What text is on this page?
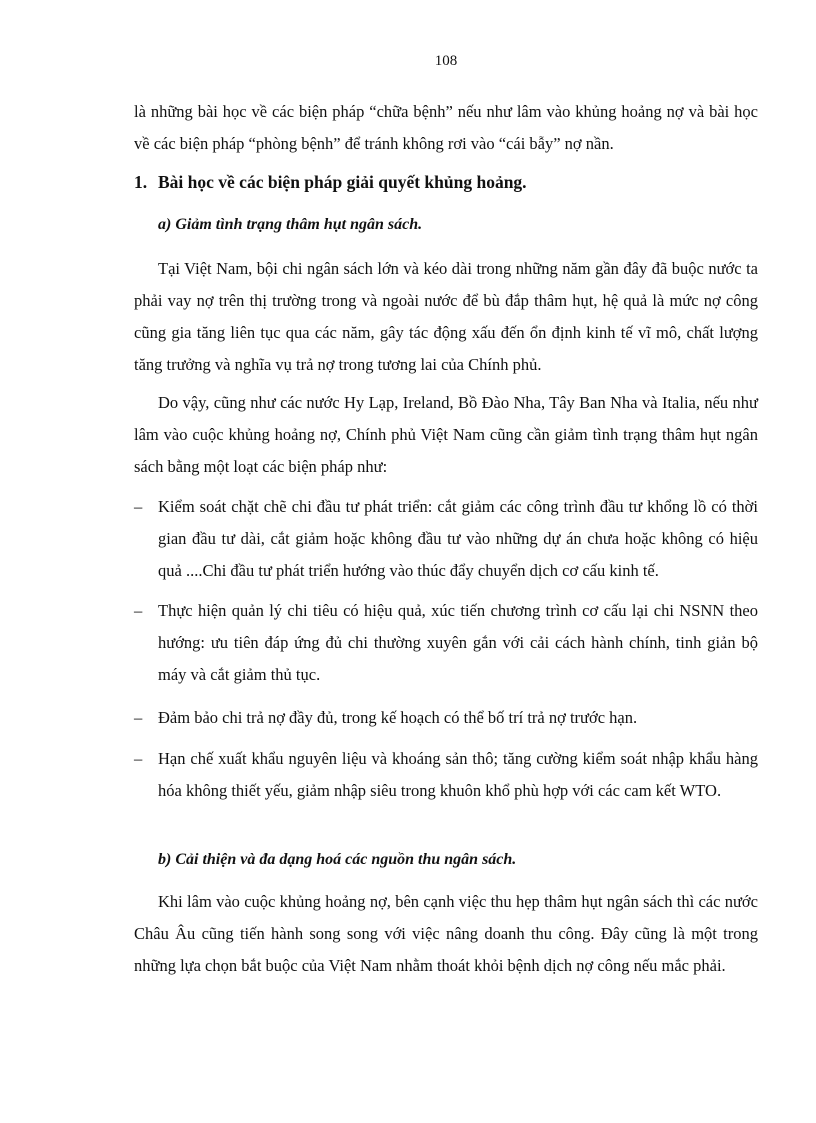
108

là những bài học về các biện pháp “chữa bệnh” nếu như lâm vào khủng hoảng nợ và bài học về các biện pháp “phòng bệnh” để tránh không rơi vào “cái bẫy” nợ nần.

1. Bài học về các biện pháp giải quyết khủng hoảng.
a) Giảm tình trạng thâm hụt ngân sách.

Tại Việt Nam, bội chi ngân sách lớn và kéo dài trong những năm gần đây đã buộc nước ta phải vay nợ trên thị trường trong và ngoài nước để bù đắp thâm hụt, hệ quả là mức nợ công cũng gia tăng liên tục qua các năm, gây tác động xấu đến ổn định kinh tế vĩ mô, chất lượng tăng trưởng và nghĩa vụ trả nợ trong tương lai của Chính phủ.

Do vậy, cũng như các nước Hy Lạp, Ireland, Bồ Đào Nha, Tây Ban Nha và Italia, nếu như lâm vào cuộc khủng hoảng nợ, Chính phủ Việt Nam cũng cần giảm tình trạng thâm hụt ngân sách bằng một loạt các biện pháp như:

– Kiểm soát chặt chẽ chi đầu tư phát triển: cắt giảm các công trình đầu tư khổng lồ có thời gian đầu tư dài, cắt giảm hoặc không đầu tư vào những dự án chưa hoặc không có hiệu quả ....Chi đầu tư phát triển hướng vào thúc đẩy chuyển dịch cơ cấu kinh tế.
– Thực hiện quản lý chi tiêu có hiệu quả, xúc tiến chương trình cơ cấu lại chi NSNN theo hướng: ưu tiên đáp ứng đủ chi thường xuyên gắn với cải cách hành chính, tinh giản bộ máy và cắt giảm thủ tục.
– Đảm bảo chi trả nợ đầy đủ, trong kế hoạch có thể bố trí trả nợ trước hạn.
– Hạn chế xuất khẩu nguyên liệu và khoáng sản thô; tăng cường kiểm soát nhập khẩu hàng hóa không thiết yếu, giảm nhập siêu trong khuôn khổ phù hợp với các cam kết WTO.
b) Cải thiện và đa dạng hoá các nguồn thu ngân sách.

Khi lâm vào cuộc khủng hoảng nợ, bên cạnh việc thu hẹp thâm hụt ngân sách thì các nước Châu Âu cũng tiến hành song song với việc nâng doanh thu công. Đây cũng là một trong những lựa chọn bắt buộc của Việt Nam nhằm thoát khỏi bệnh dịch nợ công nếu mắc phải.
